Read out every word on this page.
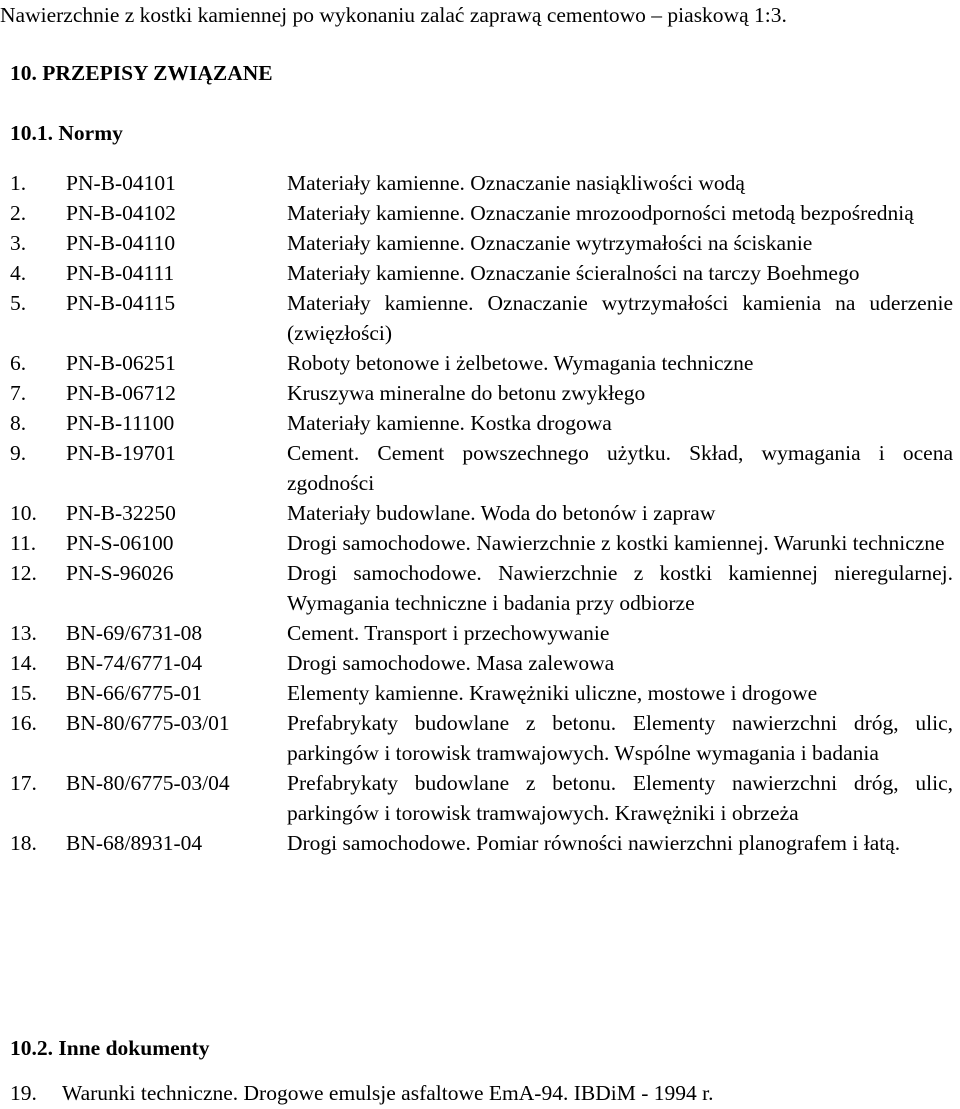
Nawierzchnie z kostki kamiennej po wykonaniu zalać zaprawą cementowo – piaskową 1:3.
10. PRZEPISY ZWIĄZANE
10.1. Normy
1.	PN-B-04101	Materiały kamienne. Oznaczanie nasiąkliwości wodą
2.	PN-B-04102	Materiały kamienne. Oznaczanie mrozoodporności metodą bezpośrednią
3.	PN-B-04110	Materiały kamienne. Oznaczanie wytrzymałości na ściskanie
4.	PN-B-04111	Materiały kamienne. Oznaczanie ścieralności na tarczy Boehmego
5.	PN-B-04115	Materiały kamienne. Oznaczanie wytrzymałości kamienia na uderzenie (zwięzłości)
6.	PN-B-06251	Roboty betonowe i żelbetowe. Wymagania techniczne
7.	PN-B-06712	Kruszywa mineralne do betonu zwykłego
8.	PN-B-11100	Materiały kamienne. Kostka drogowa
9.	PN-B-19701	Cement. Cement powszechnego użytku. Skład, wymagania i ocena zgodności
10.	PN-B-32250	Materiały budowlane. Woda do betonów i zapraw
11.	PN-S-06100	Drogi samochodowe. Nawierzchnie z kostki kamiennej. Warunki techniczne
12.	PN-S-96026	Drogi samochodowe. Nawierzchnie z kostki kamiennej nieregularnej. Wymagania techniczne i badania przy odbiorze
13.	BN-69/6731-08	Cement. Transport i przechowywanie
14.	BN-74/6771-04	Drogi samochodowe. Masa zalewowa
15.	BN-66/6775-01	Elementy kamienne. Krawężniki uliczne, mostowe i drogowe
16.	BN-80/6775-03/01	Prefabrykaty budowlane z betonu. Elementy nawierzchni dróg, ulic, parkingów i torowisk tramwajowych. Wspólne wymagania i badania
17.	BN-80/6775-03/04	Prefabrykaty budowlane z betonu. Elementy nawierzchni dróg, ulic, parkingów i torowisk tramwajowych. Krawężniki i obrzeża
18.	BN-68/8931-04	Drogi samochodowe. Pomiar równości nawierzchni planografem i łatą.
10.2. Inne dokumenty
19. Warunki techniczne. Drogowe emulsje asfaltowe EmA-94. IBDiM - 1994 r.
